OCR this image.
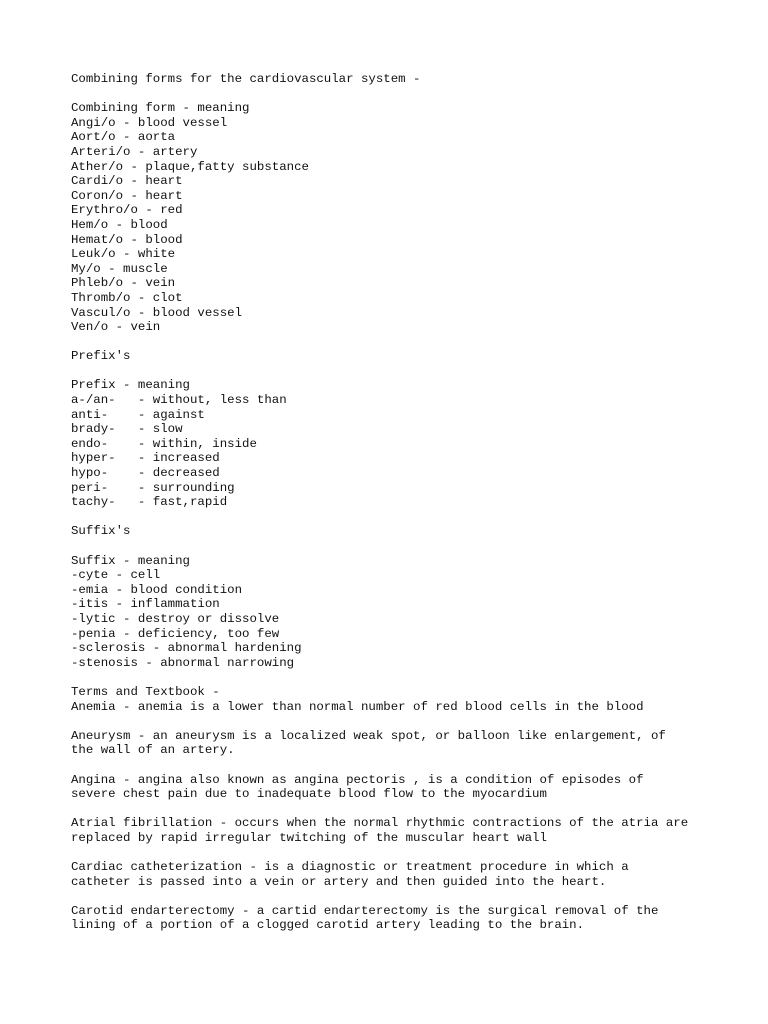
Combining forms for the cardiovascular system -
Combining form - meaning
Angi/o - blood vessel
Aort/o - aorta
Arteri/o - artery
Ather/o - plaque,fatty substance
Cardi/o - heart
Coron/o - heart
Erythro/o - red
Hem/o - blood
Hemat/o - blood
Leuk/o - white
My/o - muscle
Phleb/o - vein
Thromb/o - clot
Vascul/o - blood vessel
Ven/o - vein
Prefix's
Prefix - meaning
a-/an-   - without, less than
anti-    - against
brady-   - slow
endo-    - within, inside
hyper-   - increased
hypo-    - decreased
peri-    - surrounding
tachy-   - fast,rapid
Suffix's
Suffix - meaning
-cyte - cell
-emia - blood condition
-itis - inflammation
-lytic - destroy or dissolve
-penia - deficiency, too few
-sclerosis - abnormal hardening
-stenosis - abnormal narrowing
Terms and Textbook -
Anemia - anemia is a lower than normal number of red blood cells in the blood
Aneurysm - an aneurysm is a localized weak spot, or balloon like enlargement, of
the wall of an artery.
Angina - angina also known as angina pectoris , is a condition of episodes of
severe chest pain due to inadequate blood flow to the myocardium
Atrial fibrillation - occurs when the normal rhythmic contractions of the atria are
replaced by rapid irregular twitching of the muscular heart wall
Cardiac catheterization - is a diagnostic or treatment procedure in which a
catheter is passed into a vein or artery and then guided into the heart.
Carotid endarterectomy - a cartid endarterectomy is the surgical removal of the
lining of a portion of a clogged carotid artery leading to the brain.
